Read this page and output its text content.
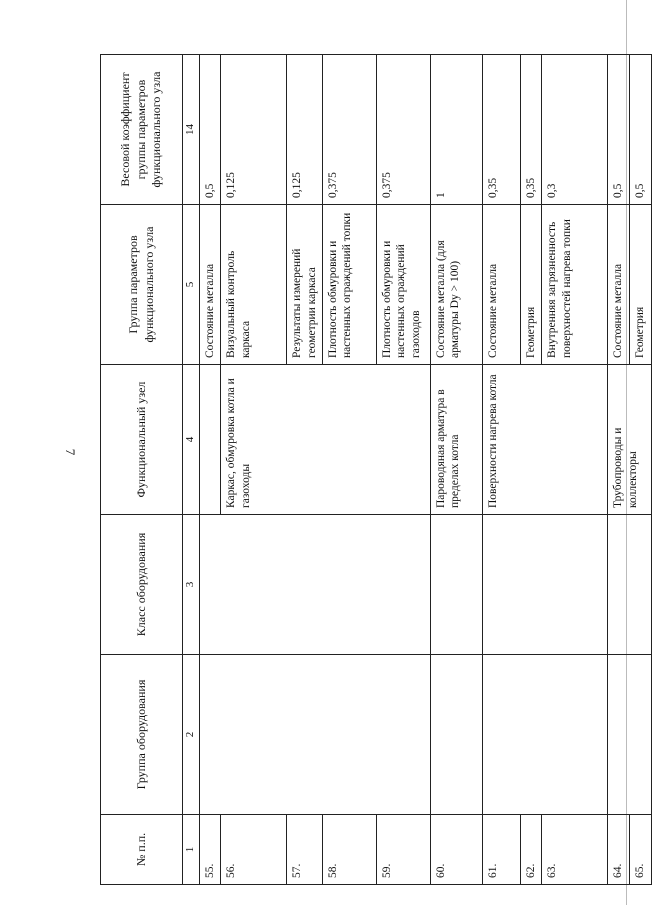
7
№ п.п.	Группа оборудования	Класс оборудования	Функциональный узел	Группа параметров функционального узла	Весовой коэффициент группы параметров функционального узла
1	2	3	4	5	14
55.				Состояние металла	0,5
56.			Каркас, обмуровка котла и газоходы	Визуальный контроль каркаса	0,125
57.				Результаты измерений геометрии каркаса	0,125
58.				Плотность обмуровки и настенных ограждений топки	0,375
59.				Плотность обмуровки и настенных ограждений газоходов	0,375
60.			Пароводяная арматура в пределах котла	Состояние металла (для арматуры Dy > 100)	1
61.			Поверхности нагрева котла	Состояние металла	0,35
62.				Геометрия	0,35
63.				Внутренняя загрязненность поверхностей нагрева топки	0,3
64.			Трубопроводы и коллекторы	Состояние металла	0,5
65.				Геометрия	0,5
